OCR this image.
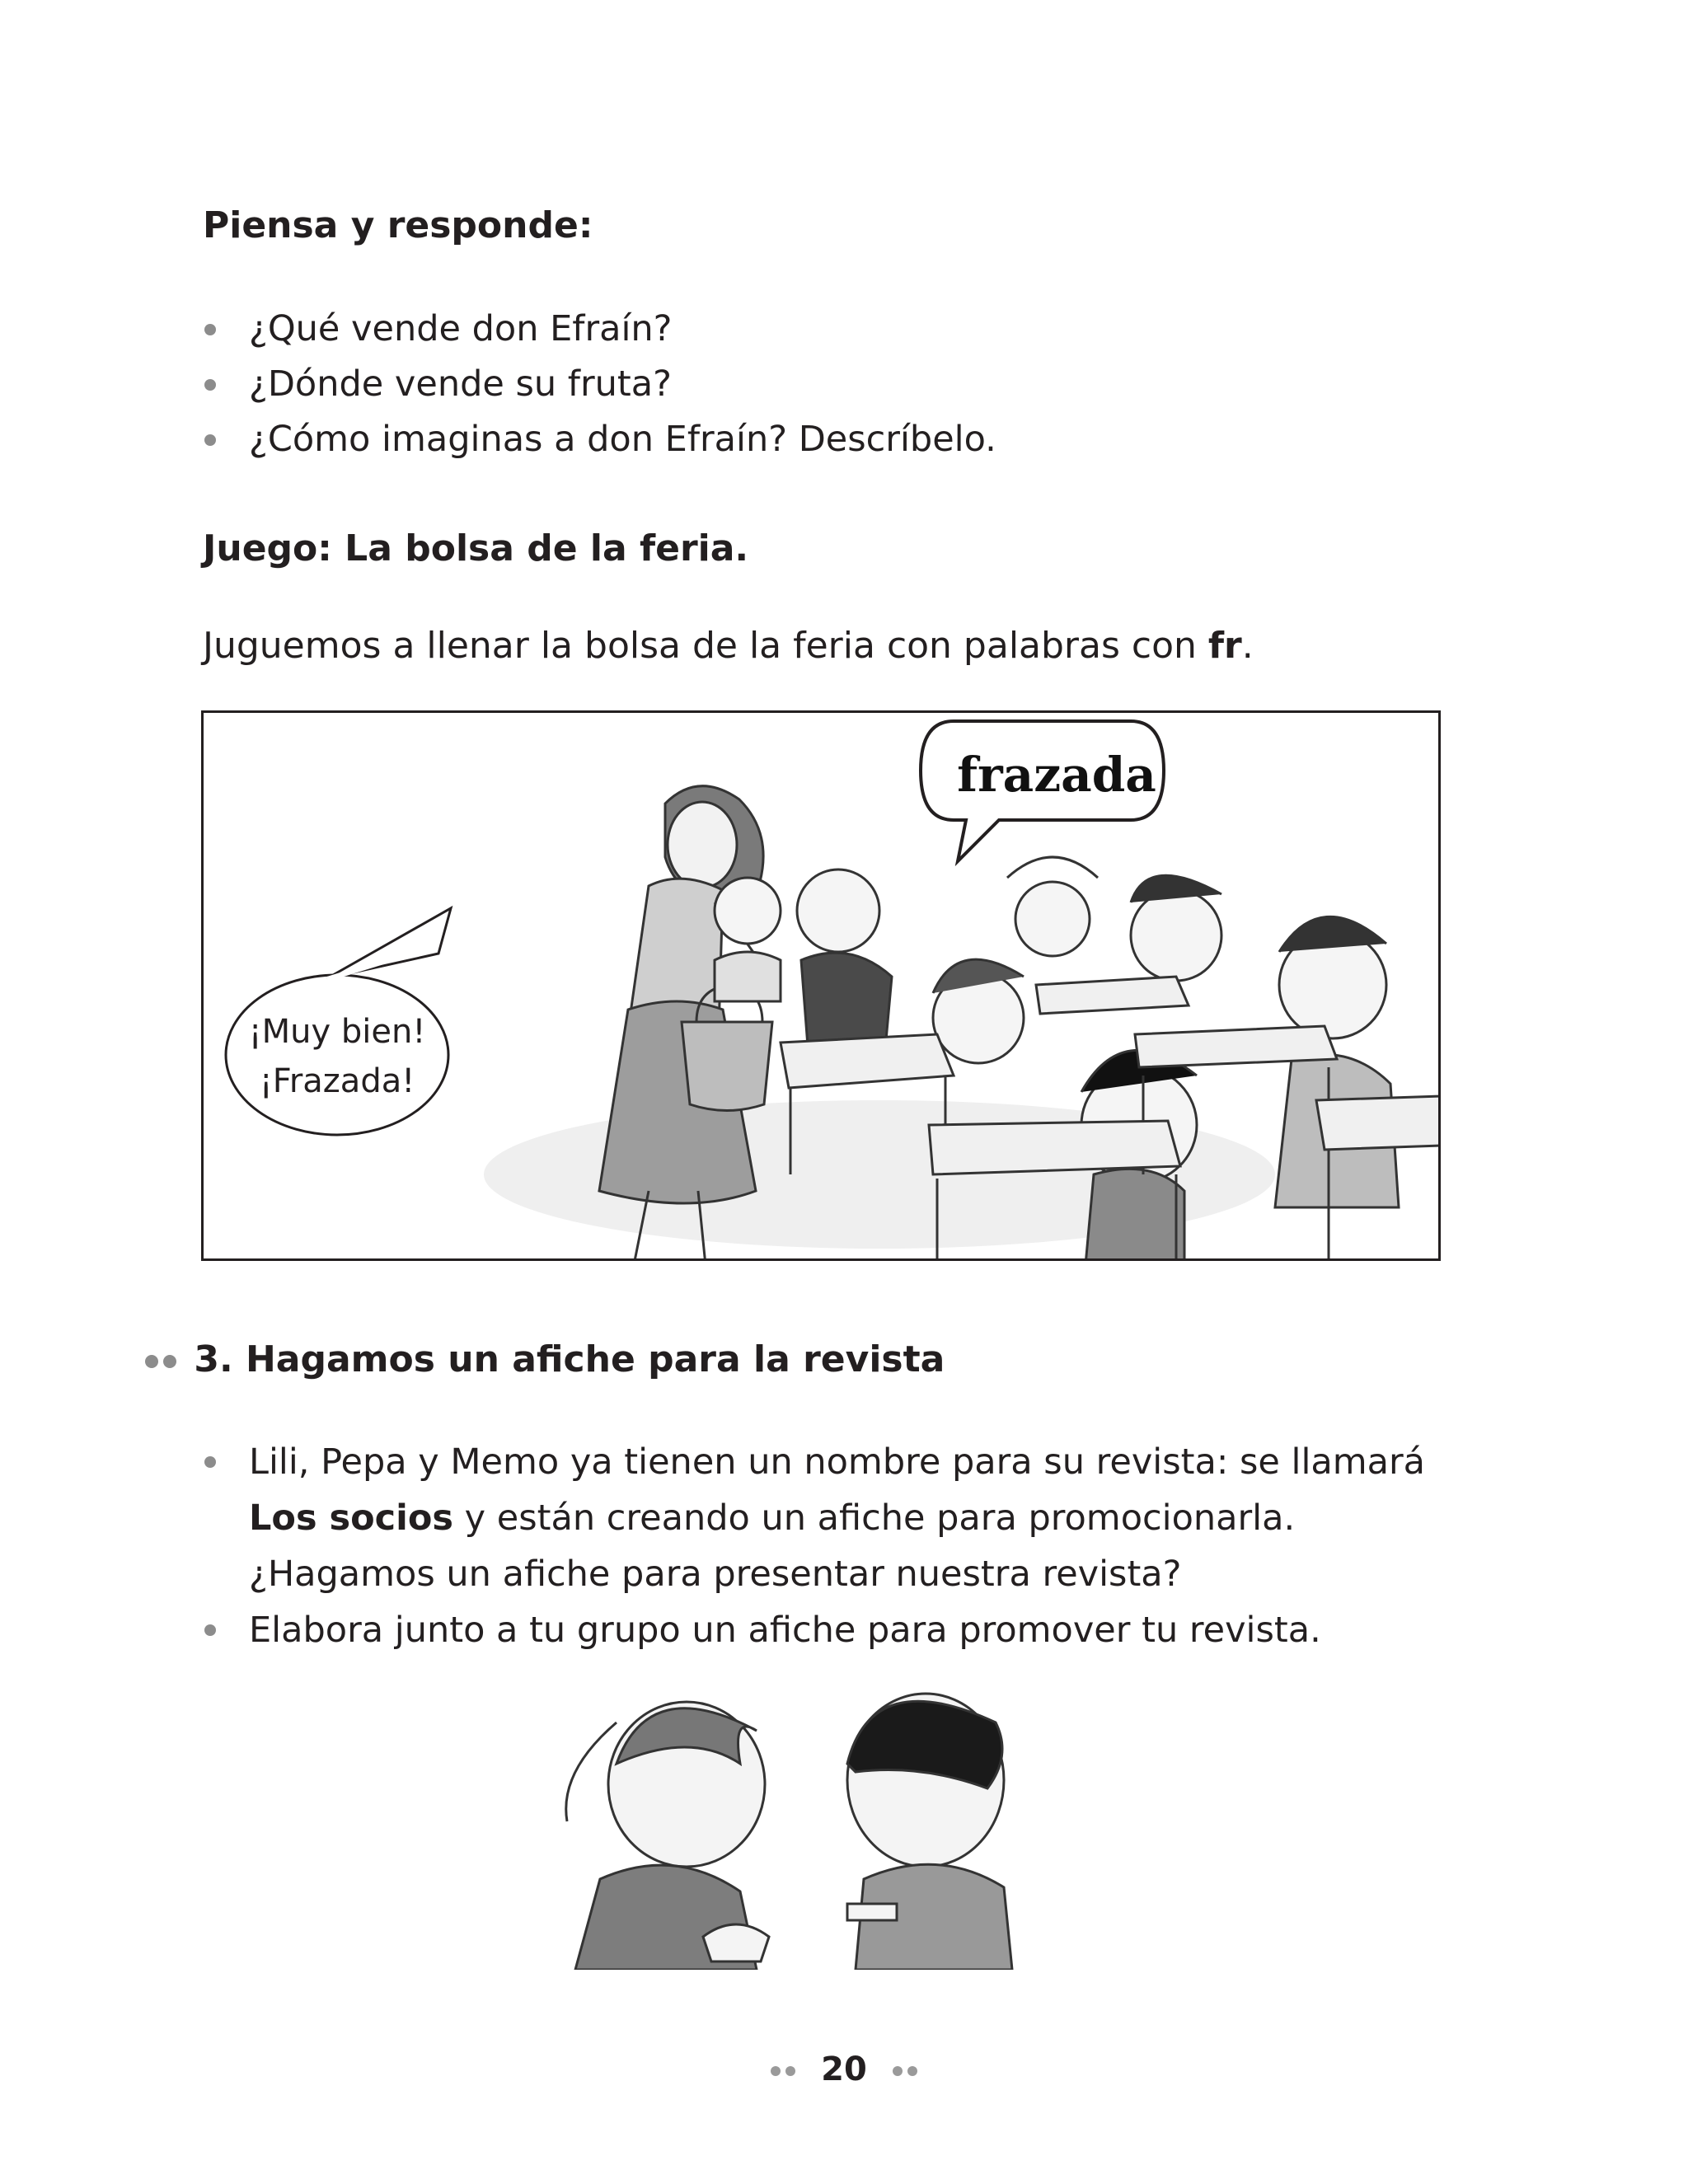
Piensa y responde:
¿Qué vende don Efraín?
¿Dónde vende su fruta?
¿Cómo imaginas a don Efraín? Descríbelo.
Juego: La bolsa de la feria.
Juguemos a llenar la bolsa de la feria con palabras con fr.
frazada
¡Muy bien!
¡Frazada!
3. Hagamos un afiche para la revista
Lili, Pepa y Memo ya tienen un nombre para su revista: se llamará Los socios y están creando un afiche para promocionarla. ¿Hagamos un afiche para presentar nuestra revista?
Elabora junto a tu grupo un afiche para promover tu revista.
20
